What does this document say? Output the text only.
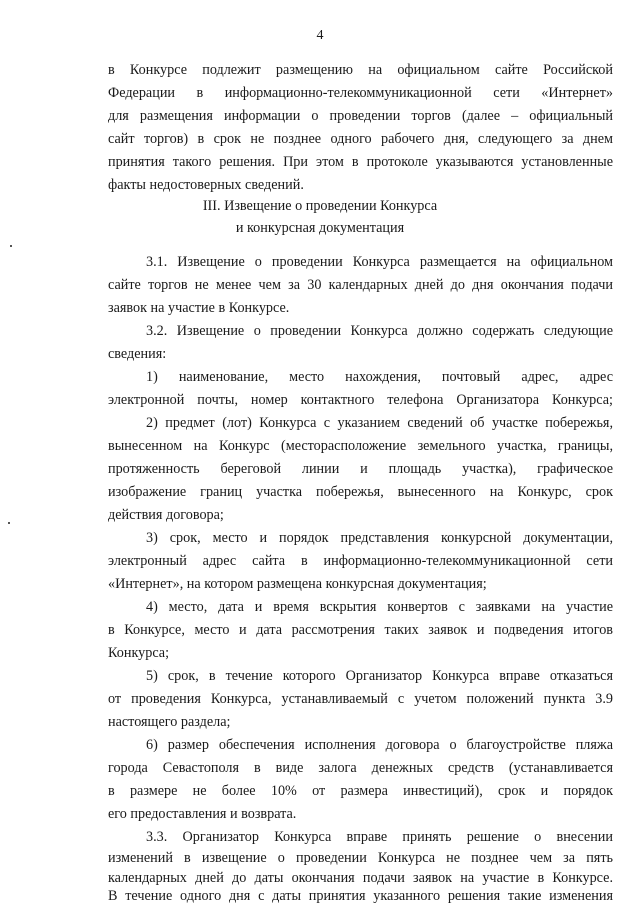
4
в Конкурсе подлежит размещению на официальном сайте Российской
Федерации в информационно-телекоммуникационной сети «Интернет»
для размещения информации о проведении торгов (далее – официальный
сайт торгов) в срок не позднее одного рабочего дня, следующего за днем
принятия такого решения. При этом в протоколе указываются установленные
факты недостоверных сведений.
III. Извещение о проведении Конкурса
и конкурсная документация
3.1. Извещение о проведении Конкурса размещается на официальном
сайте торгов не менее чем за 30 календарных дней до дня окончания подачи
заявок на участие в Конкурсе.
3.2. Извещение о проведении Конкурса должно содержать следующие
сведения:
1) наименование, место нахождения, почтовый адрес, адрес
электронной почты, номер контактного телефона Организатора Конкурса;
2) предмет (лот) Конкурса с указанием сведений об участке побережья,
вынесенном на Конкурс (месторасположение земельного участка, границы,
протяженность береговой линии и площадь участка), графическое
изображение границ участка побережья, вынесенного на Конкурс, срок
действия договора;
3) срок, место и порядок представления конкурсной документации,
электронный адрес сайта в информационно-телекоммуникационной сети
«Интернет», на котором размещена конкурсная документация;
4) место, дата и время вскрытия конвертов с заявками на участие
в Конкурсе, место и дата рассмотрения таких заявок и подведения итогов
Конкурса;
5) срок, в течение которого Организатор Конкурса вправе отказаться
от проведения Конкурса, устанавливаемый с учетом положений пункта 3.9
настоящего раздела;
6) размер обеспечения исполнения договора о благоустройстве пляжа
города Севастополя в виде залога денежных средств (устанавливается
в размере не более 10% от размера инвестиций), срок и порядок
его предоставления и возврата.
3.3. Организатор Конкурса вправе принять решение о внесении
изменений в извещение о проведении Конкурса не позднее чем за пять
календарных дней до даты окончания подачи заявок на участие в Конкурсе.
В течение одного дня с даты принятия указанного решения такие изменения
